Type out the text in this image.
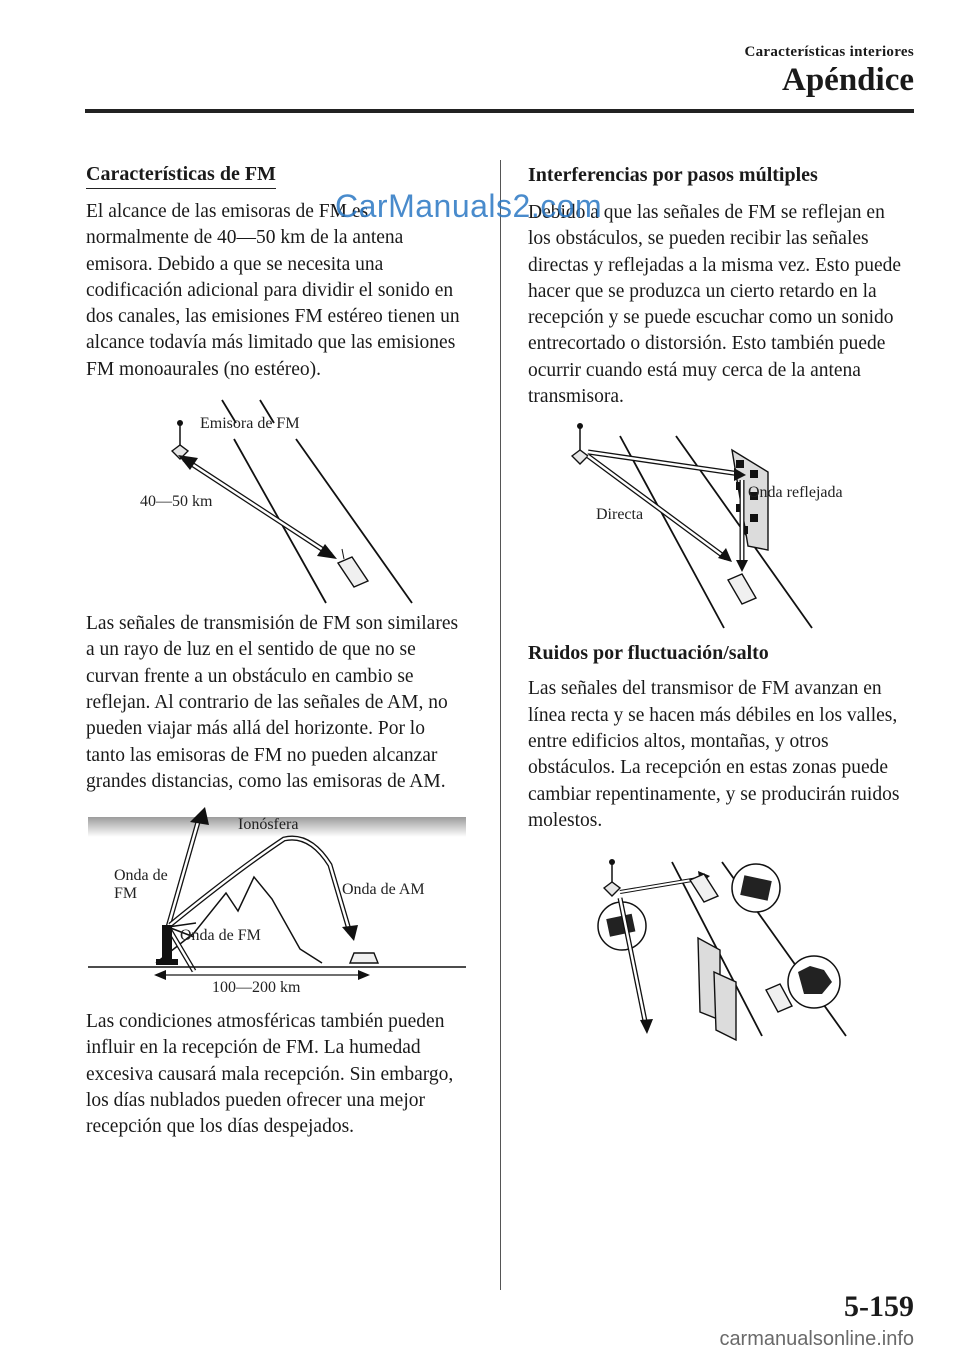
Características interiores
Apéndice
Características de FM

El alcance de las emisoras de FM es normalmente de 40―50 km de la antena emisora. Debido a que se necesita una codificación adicional para dividir el sonido en dos canales, las emisiones FM estéreo tienen un alcance todavía más limitado que las emisiones FM monoaurales (no estéreo).

Emisora de FM
40―50 km

Las señales de transmisión de FM son similares a un rayo de luz en el sentido de que no se curvan frente a un obstáculo en cambio se reflejan. Al contrario de las señales de AM, no pueden viajar más allá del horizonte. Por lo tanto las emisoras de FM no pueden alcanzar grandes distancias, como las emisoras de AM.

Ionósfera
Onda de
FM	Onda de AM
Onda de FM
100―200 km

Las condiciones atmosféricas también pueden influir en la recepción de FM. La humedad excesiva causará mala recepción. Sin embargo, los días nublados pueden ofrecer una mejor recepción que los días despejados.

Interferencias por pasos múltiples

Debido a que las señales de FM se reflejan en los obstáculos, se pueden recibir las señales directas y reflejadas a la misma vez. Esto puede hacer que se produzca un cierto retardo en la recepción y se puede escuchar como un sonido entrecortado o distorsión. Esto también puede ocurrir cuando está muy cerca de la antena transmisora.

Onda reflejada
Directa
Ruidos por fluctuación/salto

Las señales del transmisor de FM avanzan en línea recta y se hacen más débiles en los valles, entre edificios altos, montañas, y otros obstáculos. La recepción en estas zonas puede cambiar repentinamente, y se producirán ruidos molestos.

CarManuals2.com
5-159
carmanualsonline.info
